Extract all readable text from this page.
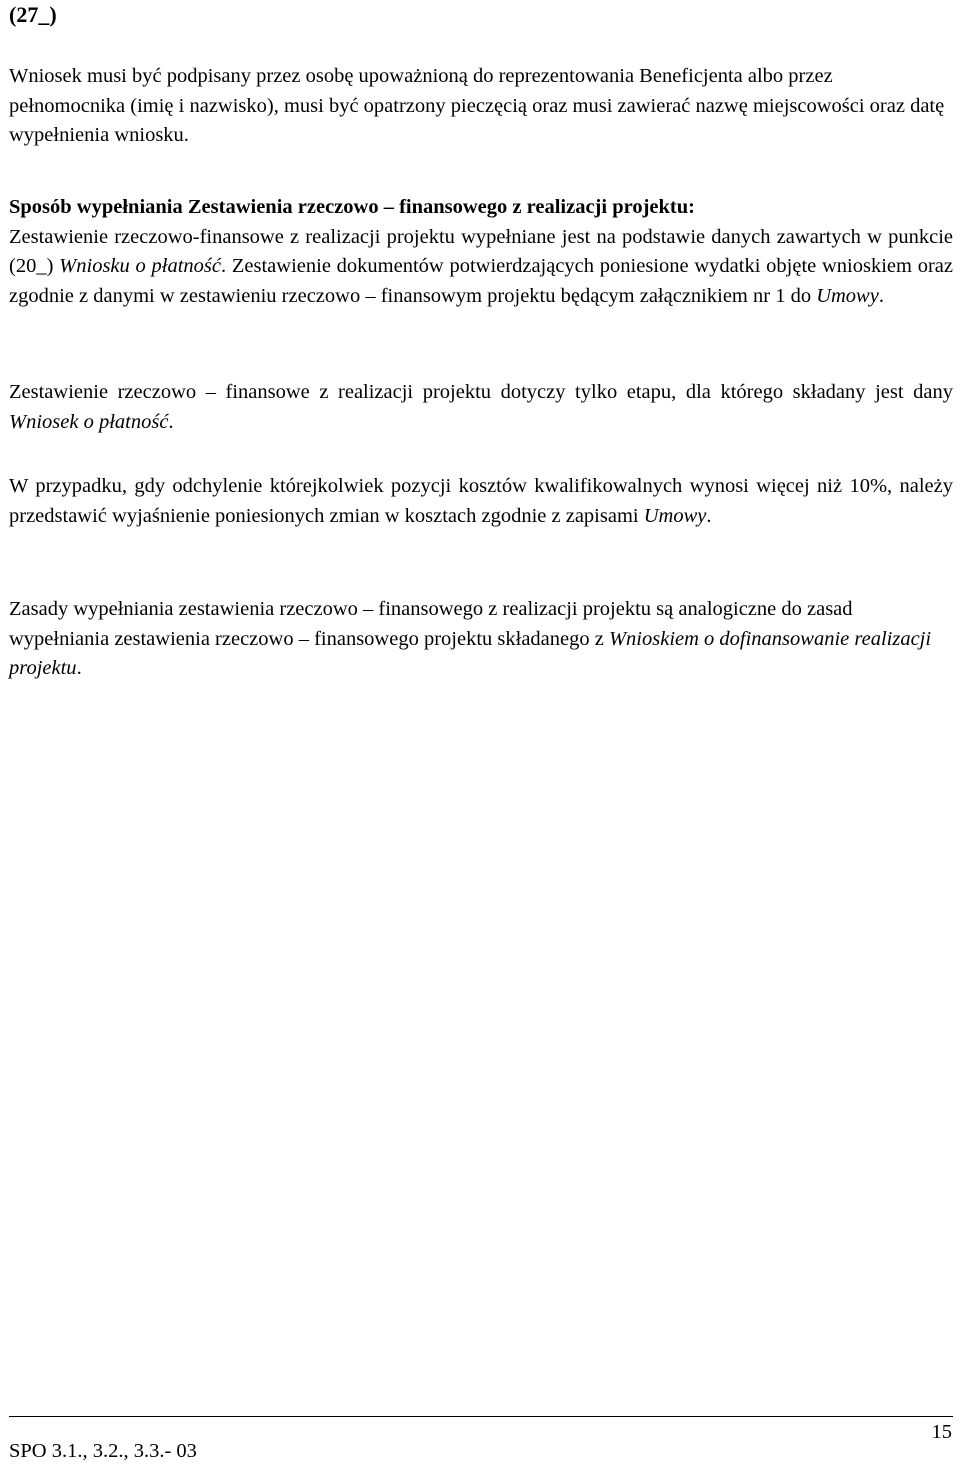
(27_)

Wniosek musi być podpisany przez osobę upoważnioną do reprezentowania Beneficjenta albo przez pełnomocnika (imię i nazwisko), musi być opatrzony pieczęcią oraz musi zawierać nazwę miejscowości oraz datę wypełnienia wniosku.

Sposób wypełniania Zestawienia rzeczowo – finansowego z realizacji projektu:
Zestawienie rzeczowo-finansowe z realizacji projektu wypełniane jest na podstawie danych zawartych w punkcie (20_) Wniosku o płatność. Zestawienie dokumentów potwierdzających poniesione wydatki objęte wnioskiem oraz zgodnie z danymi w zestawieniu rzeczowo – finansowym projektu będącym załącznikiem nr 1 do Umowy.

Zestawienie rzeczowo – finansowe z realizacji projektu dotyczy tylko etapu, dla którego składany jest dany Wniosek o płatność.

W przypadku, gdy odchylenie którejkolwiek pozycji kosztów kwalifikowalnych wynosi więcej niż 10%, należy przedstawić wyjaśnienie poniesionych zmian w kosztach zgodnie z zapisami Umowy.

Zasady wypełniania zestawienia rzeczowo – finansowego z realizacji projektu są analogiczne do zasad wypełniania zestawienia rzeczowo – finansowego projektu składanego z Wnioskiem o dofinansowanie realizacji projektu.

15
SPO 3.1., 3.2., 3.3.- 03
